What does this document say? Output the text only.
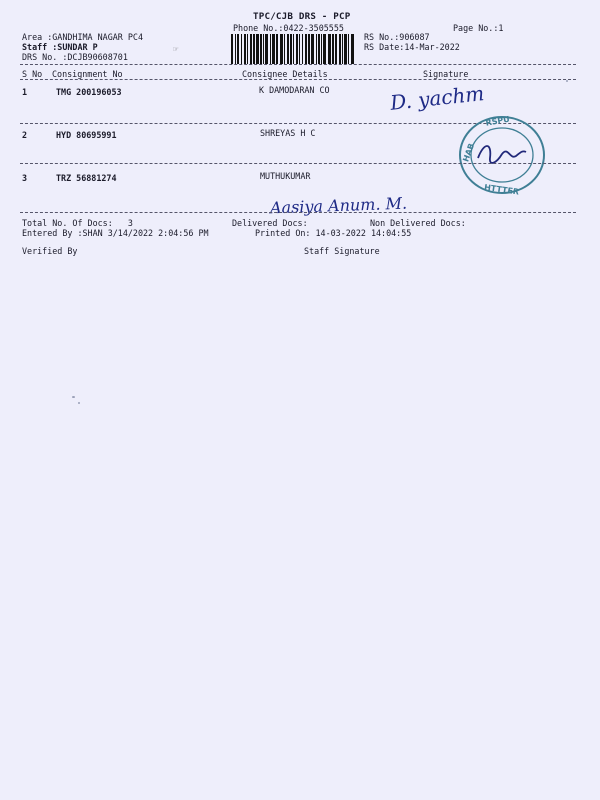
TPC/CJB DRS - PCP
Phone No.:0422-3505555	Page No.:1
Area :GANDHIMA NAGAR PC4
Staff :SUNDAR P
DRS No. :DCJB90608701
RS No.:906087
RS Date:14-Mar-2022
☞
S No Consignment No	Consignee Details	Signature
1	TMG 200196053	K DAMODARAN CO	D. yachm
2	HYD 80695991	SHREYAS H C
HAB
RSPU
HTTTER
3	TRZ 56881274	MUTHUKUMAR
Aasiya Anum. M.
Total No. Of Docs:   3	Delivered Docs:	Non Delivered Docs:
Entered By :SHAN 3/14/2022 2:04:56 PM	Printed On: 14-03-2022 14:04:55
Verified By	Staff Signature
